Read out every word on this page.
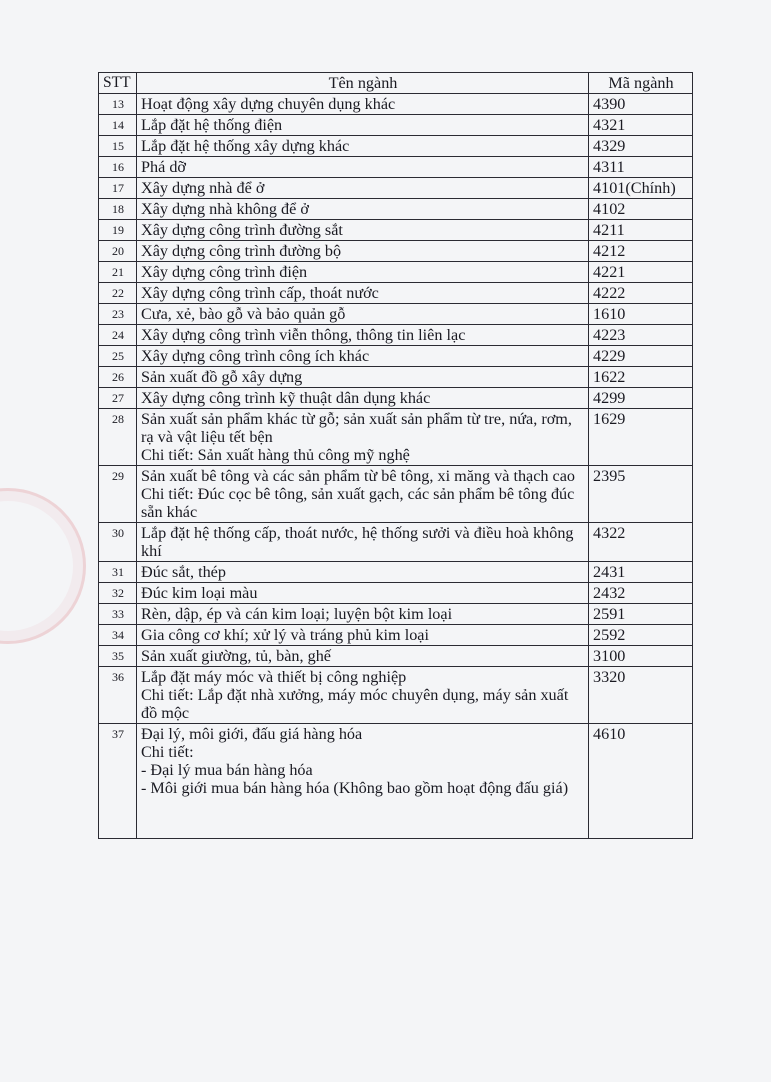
STT	Tên ngành	Mã ngành
13	Hoạt động xây dựng chuyên dụng khác	4390
14	Lắp đặt hệ thống điện	4321
15	Lắp đặt hệ thống xây dựng khác	4329
16	Phá dỡ	4311
17	Xây dựng nhà để ở	4101(Chính)
18	Xây dựng nhà không để ở	4102
19	Xây dựng công trình đường sắt	4211
20	Xây dựng công trình đường bộ	4212
21	Xây dựng công trình điện	4221
22	Xây dựng công trình cấp, thoát nước	4222
23	Cưa, xẻ, bào gỗ và bảo quản gỗ	1610
24	Xây dựng công trình viễn thông, thông tin liên lạc	4223
25	Xây dựng công trình công ích khác	4229
26	Sản xuất đồ gỗ xây dựng	1622
27	Xây dựng công trình kỹ thuật dân dụng khác	4299
28	Sản xuất sản phẩm khác từ gỗ; sản xuất sản phẩm từ tre, nứa, rơm, rạ và vật liệu tết bện
Chi tiết: Sản xuất hàng thủ công mỹ nghệ	1629
29	Sản xuất bê tông và các sản phẩm từ bê tông, xi măng và thạch cao
Chi tiết: Đúc cọc bê tông, sản xuất gạch, các sản phẩm bê tông đúc sẵn khác	2395
30	Lắp đặt hệ thống cấp, thoát nước, hệ thống sưởi và điều hoà không khí	4322
31	Đúc sắt, thép	2431
32	Đúc kim loại màu	2432
33	Rèn, dập, ép và cán kim loại; luyện bột kim loại	2591
34	Gia công cơ khí; xử lý và tráng phủ kim loại	2592
35	Sản xuất giường, tủ, bàn, ghế	3100
36	Lắp đặt máy móc và thiết bị công nghiệp
Chi tiết: Lắp đặt nhà xưởng, máy móc chuyên dụng, máy sản xuất đồ mộc	3320
37	Đại lý, môi giới, đấu giá hàng hóa
Chi tiết:
- Đại lý mua bán hàng hóa
- Môi giới mua bán hàng hóa (Không bao gồm hoạt động đấu giá)	4610
